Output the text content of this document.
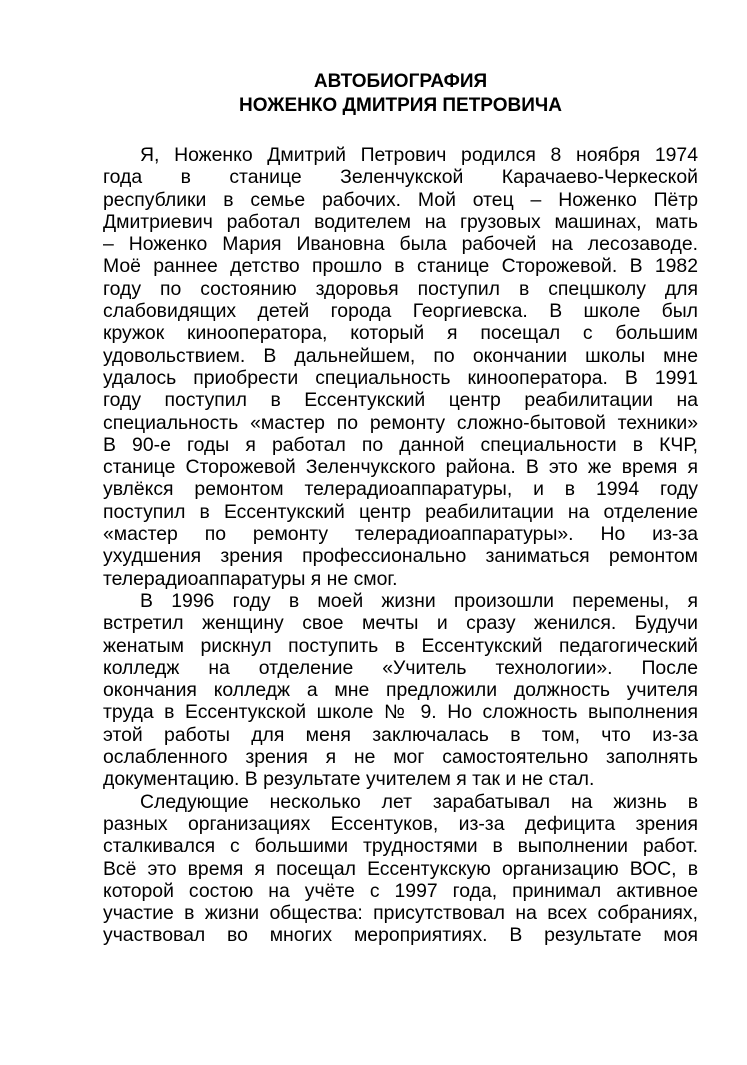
АВТОБИОГРАФИЯ
НОЖЕНКО ДМИТРИЯ ПЕТРОВИЧА
Я, Ноженко Дмитрий Петрович родился 8 ноября 1974
года в станице Зеленчукской Карачаево-Черкеской
республики в семье рабочих. Мой отец – Ноженко Пётр
Дмитриевич работал водителем на грузовых машинах, мать
– Ноженко Мария Ивановна была рабочей на лесозаводе.
Моё раннее детство прошло в станице Сторожевой. В 1982
году по состоянию здоровья поступил в спецшколу для
слабовидящих детей города Георгиевска. В школе был
кружок кинооператора, который я посещал с большим
удовольствием. В дальнейшем, по окончании школы мне
удалось приобрести специальность кинооператора. В 1991
году поступил в Ессентукский центр реабилитации на
специальность «мастер по ремонту сложно-бытовой техники»
В 90-е годы я работал по данной специальности в КЧР,
станице Сторожевой Зеленчукского района. В это же время я
увлёкся ремонтом телерадиоаппаратуры, и в 1994 году
поступил в Ессентукский центр реабилитации на отделение
«мастер по ремонту телерадиоаппаратуры». Но из-за
ухудшения зрения профессионально заниматься ремонтом
телерадиоаппаратуры я не смог.
В 1996 году в моей жизни произошли перемены, я
встретил женщину свое мечты и сразу женился. Будучи
женатым рискнул поступить в Ессентукский педагогический
колледж на отделение «Учитель технологии». После
окончания колледж а мне предложили должность учителя
труда в Ессентукской школе № 9. Но сложность выполнения
этой работы для меня заключалась в том, что из-за
ослабленного зрения я не мог самостоятельно заполнять
документацию. В результате учителем я так и не стал.
Следующие несколько лет зарабатывал на жизнь в
разных организациях Ессентуков, из-за дефицита зрения
сталкивался с большими трудностями в выполнении работ.
Всё это время я посещал Ессентукскую организацию ВОС, в
которой состою на учёте с 1997 года, принимал активное
участие в жизни общества: присутствовал на всех собраниях,
участвовал во многих мероприятиях. В результате моя
